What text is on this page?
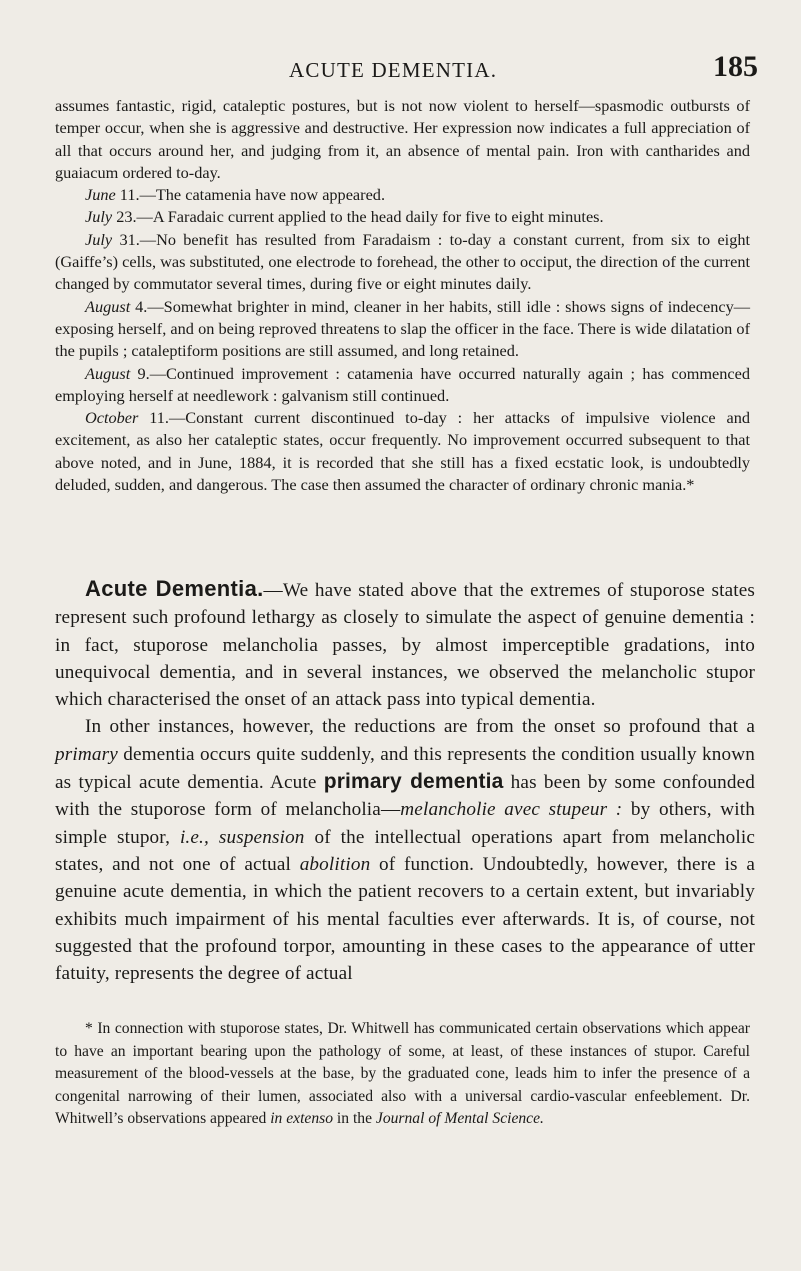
ACUTE DEMENTIA.	185

assumes fantastic, rigid, cataleptic postures, but is not now violent to herself—spasmodic outbursts of temper occur, when she is aggressive and destructive. Her expression now indicates a full appreciation of all that occurs around her, and judging from it, an absence of mental pain. Iron with cantharides and guaiacum ordered to-day.

June 11.—The catamenia have now appeared.

July 23.—A Faradaic current applied to the head daily for five to eight minutes.

July 31.—No benefit has resulted from Faradaism : to-day a constant current, from six to eight (Gaiffe’s) cells, was substituted, one electrode to forehead, the other to occiput, the direction of the current changed by commutator several times, during five or eight minutes daily.

August 4.—Somewhat brighter in mind, cleaner in her habits, still idle : shows signs of indecency—exposing herself, and on being reproved threatens to slap the officer in the face. There is wide dilatation of the pupils ; cataleptiform positions are still assumed, and long retained.

August 9.—Continued improvement : catamenia have occurred naturally again ; has commenced employing herself at needlework : galvanism still continued.

October 11.—Constant current discontinued to-day : her attacks of impulsive violence and excitement, as also her cataleptic states, occur frequently. No improvement occurred subsequent to that above noted, and in June, 1884, it is recorded that she still has a fixed ecstatic look, is undoubtedly deluded, sudden, and dangerous. The case then assumed the character of ordinary chronic mania.*

Acute Dementia.—We have stated above that the extremes of stuporose states represent such profound lethargy as closely to simulate the aspect of genuine dementia : in fact, stuporose melancholia passes, by almost imperceptible gradations, into unequivocal dementia, and in several instances, we observed the melancholic stupor which characterised the onset of an attack pass into typical dementia.

In other instances, however, the reductions are from the onset so profound that a primary dementia occurs quite suddenly, and this represents the condition usually known as typical acute dementia. Acute primary dementia has been by some confounded with the stuporose form of melancholia—melancholie avec stupeur : by others, with simple stupor, i.e., suspension of the intellectual operations apart from melancholic states, and not one of actual abolition of function. Undoubtedly, however, there is a genuine acute dementia, in which the patient recovers to a certain extent, but invariably exhibits much impairment of his mental faculties ever afterwards. It is, of course, not suggested that the profound torpor, amounting in these cases to the appearance of utter fatuity, represents the degree of actual

* In connection with stuporose states, Dr. Whitwell has communicated certain observations which appear to have an important bearing upon the pathology of some, at least, of these instances of stupor. Careful measurement of the blood-vessels at the base, by the graduated cone, leads him to infer the presence of a congenital narrowing of their lumen, associated also with a universal cardio-vascular enfeeblement. Dr. Whitwell’s observations appeared in extenso in the Journal of Mental Science.
